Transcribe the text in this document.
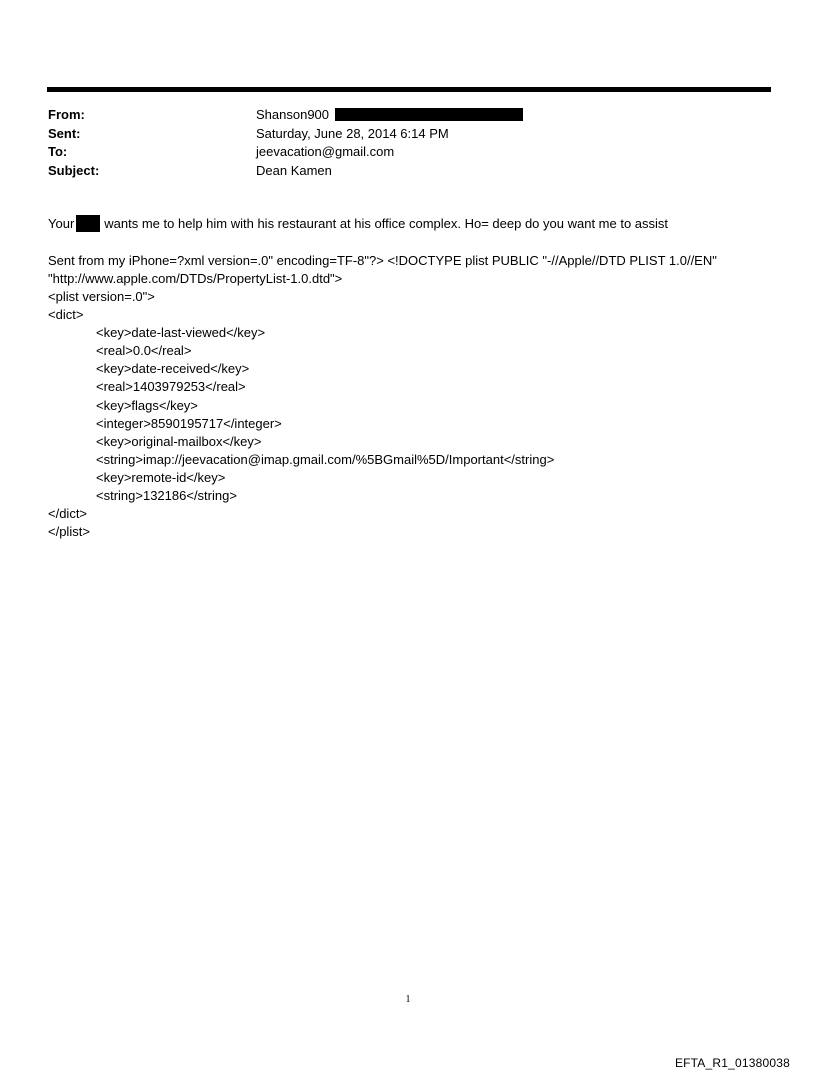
From:	Shanson900
Sent:	Saturday, June 28, 2014 6:14 PM
To:	jeevacation@gmail.com
Subject:	Dean Kamen
Your wants me to help him with his restaurant at his office complex. Ho= deep do you want me to assist
Sent from my iPhone=?xml version=.0" encoding=TF-8"?> <!DOCTYPE plist PUBLIC "-//Apple//DTD PLIST 1.0//EN"
"http://www.apple.com/DTDs/PropertyList-1.0.dtd">
<plist version=.0">
<dict>
<key>date-last-viewed</key>
<real>0.0</real>
<key>date-received</key>
<real>1403979253</real>
<key>flags</key>
<integer>8590195717</integer>
<key>original-mailbox</key>
<string>imap://jeevacation@imap.gmail.com/%5BGmail%5D/Important</string>
<key>remote-id</key>
<string>132186</string>
</dict>
</plist>
1
EFTA_R1_01380038
